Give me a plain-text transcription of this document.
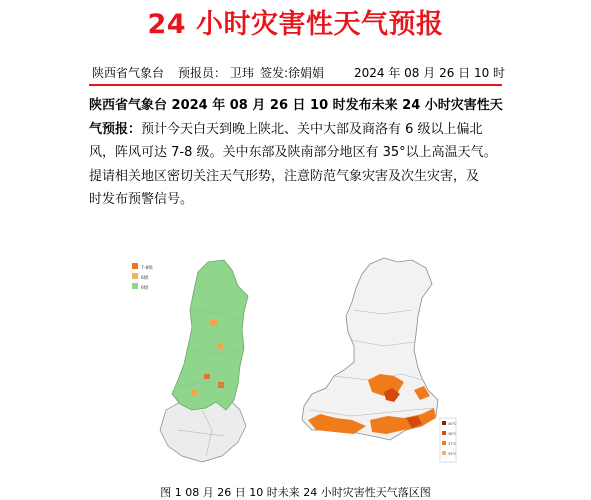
24 小时灾害性天气预报
陕西省气象台 预报员： 卫玮 签发:徐娟娟 2024 年 08 月 26 日 10 时
陕西省气象台 2024 年 08 月 26 日 10 时发布未来 24 小时灾害性天
气预报：预计今天白天到晚上陕北、关中大部及商洛有 6 级以上偏北
风，阵风可达 7-8 级。关中东部及陕南部分地区有 35°以上高温天气。
提请相关地区密切关注天气形势，注意防范气象灾害及次生灾害，及
时发布预警信号。
7-8级
6级
6级
40℃
38℃
37℃
35℃
图 1 08 月 26 日 10 时未来 24 小时灾害性天气落区图
